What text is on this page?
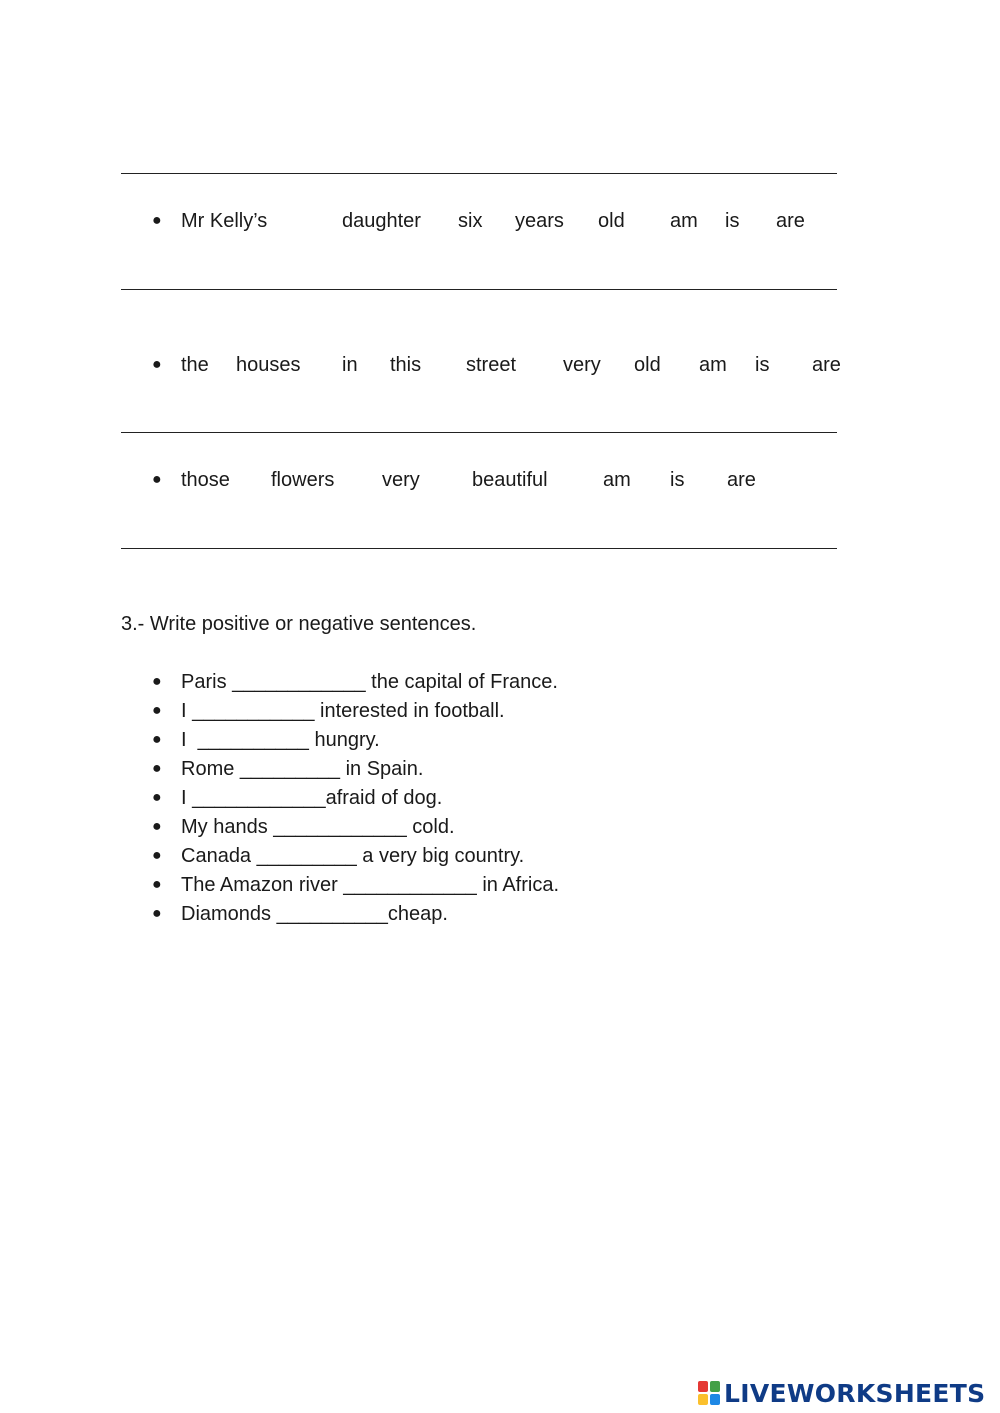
● Mr Kelly’s	daughter six years old am is are
● the houses in this street very old am is are
● those flowers very	beautiful	am is are
3.- Write positive or negative sentences.

●

Paris ____________ the capital of France.

●

I ___________ interested in football.

●

I  __________ hungry.

●

Rome _________ in Spain.

●

I ____________afraid of dog.

●

My hands ____________ cold.

●

Canada _________ a very big country.

●

The Amazon river ____________ in Africa.

●

Diamonds __________cheap.

LIVEWORKSHEETS
